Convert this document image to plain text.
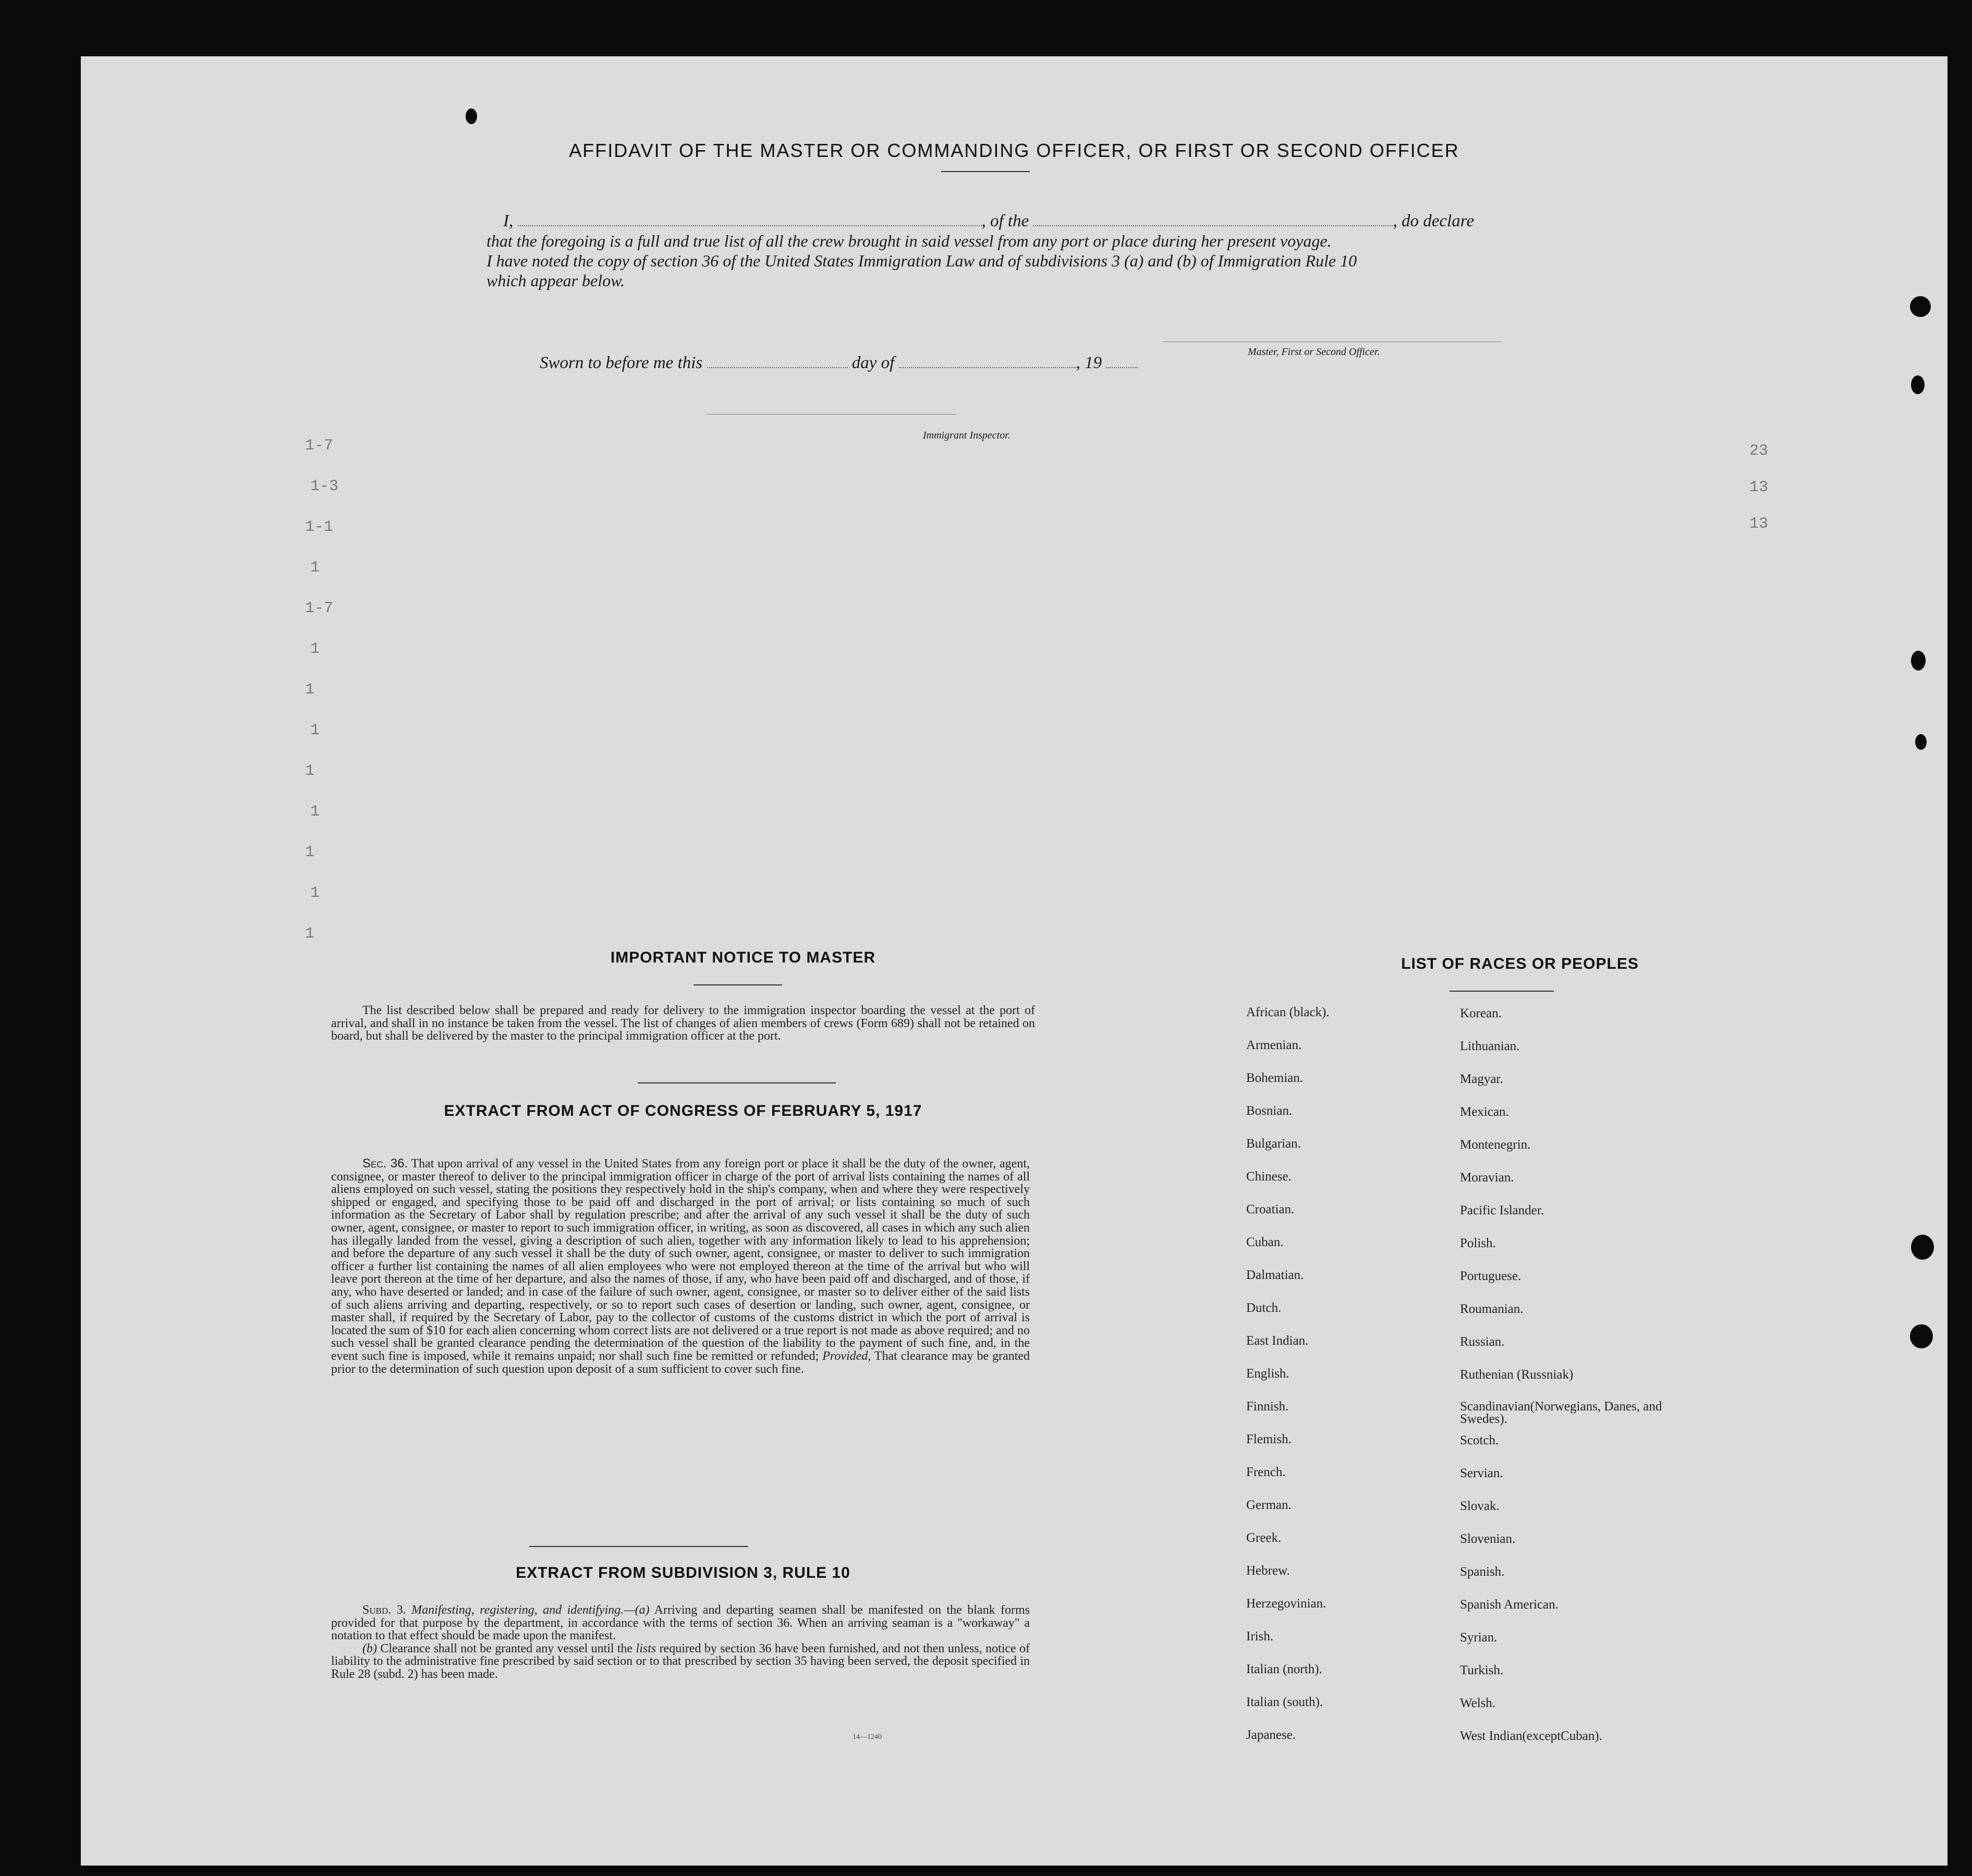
1-7
1-3
1-1
1
1-7
1
1
1
1
1
1
1
1
23
13
13
AFFIDAVIT OF THE MASTER OR COMMANDING OFFICER, OR FIRST OR SECOND OFFICER
I,	, of the	, do declare
that the foregoing is a full and true list of all the crew brought in said vessel from any port or place during her present voyage.
I have noted the copy of section 36 of the United States Immigration Law and of subdivisions 3 (a) and (b) of Immigration Rule 10
which appear below.
Master, First or Second Officer.
Sworn to before me this	day of	, 19
Immigrant Inspector.
IMPORTANT NOTICE TO MASTER
The list described below shall be prepared and ready for delivery to the immigration inspector boarding the vessel at the port of arrival, and shall in no instance be taken from the vessel. The list of changes of alien members of crews (Form 689) shall not be retained on board, but shall be delivered by the master to the principal immigration officer at the port.
EXTRACT FROM ACT OF CONGRESS OF FEBRUARY 5, 1917

Sec. 36. That upon arrival of any vessel in the United States from any foreign port or place it shall be the duty of the owner, agent, consignee, or master thereof to deliver to the principal immigration officer in charge of the port of arrival lists containing the names of all aliens employed on such vessel, stating the positions they respectively hold in the ship's company, when and where they were respectively shipped or engaged, and specifying those to be paid off and discharged in the port of arrival; or lists containing so much of such information as the Secretary of Labor shall by regulation prescribe; and after the arrival of any such vessel it shall be the duty of such owner, agent, consignee, or master to report to such immigration officer, in writing, as soon as discovered, all cases in which any such alien has illegally landed from the vessel, giving a description of such alien, together with any information likely to lead to his apprehension; and before the departure of any such vessel it shall be the duty of such owner, agent, consignee, or master to deliver to such immigration officer a further list containing the names of all alien employees who were not employed thereon at the time of the arrival but who will leave port thereon at the time of her departure, and also the names of those, if any, who have been paid off and discharged, and of those, if any, who have deserted or landed; and in case of the failure of such owner, agent, consignee, or master so to deliver either of the said lists of such aliens arriving and departing, respectively, or so to report such cases of desertion or landing, such owner, agent, consignee, or master shall, if required by the Secretary of Labor, pay to the collector of customs of the customs district in which the port of arrival is located the sum of $10 for each alien concerning whom correct lists are not delivered or a true report is not made as above required; and no such vessel shall be granted clearance pending the determination of the question of the liability to the payment of such fine, and, in the event such fine is imposed, while it remains unpaid; nor shall such fine be remitted or refunded; Provided, That clearance may be granted prior to the determination of such question upon deposit of a sum sufficient to cover such fine.

EXTRACT FROM SUBDIVISION 3, RULE 10

Subd. 3. Manifesting, registering, and identifying.—(a) Arriving and departing seamen shall be manifested on the blank forms provided for that purpose by the department, in accordance with the terms of section 36. When an arriving seaman is a "workaway" a notation to that effect should be made upon the manifest.

(b) Clearance shall not be granted any vessel until the lists required by section 36 have been furnished, and not then unless, notice of liability to the administrative fine prescribed by said section or to that prescribed by section 35 having been served, the deposit specified in Rule 28 (subd. 2) has been made.

14—1240
LIST OF RACES OR PEOPLES
African (black).
Armenian.
Bohemian.
Bosnian.
Bulgarian.
Chinese.
Croatian.
Cuban.
Dalmatian.
Dutch.
East Indian.
English.
Finnish.
Flemish.
French.
German.
Greek.
Hebrew.
Herzegovinian.
Irish.
Italian (north).
Italian (south).
Japanese.
Korean.
Lithuanian.
Magyar.
Mexican.
Montenegrin.
Moravian.
Pacific Islander.
Polish.
Portuguese.
Roumanian.
Russian.
Ruthenian (Russniak)
Scandinavian(Norwegians, Danes, and Swedes).
Scotch.
Servian.
Slovak.
Slovenian.
Spanish.
Spanish American.
Syrian.
Turkish.
Welsh.
West Indian(exceptCuban).
